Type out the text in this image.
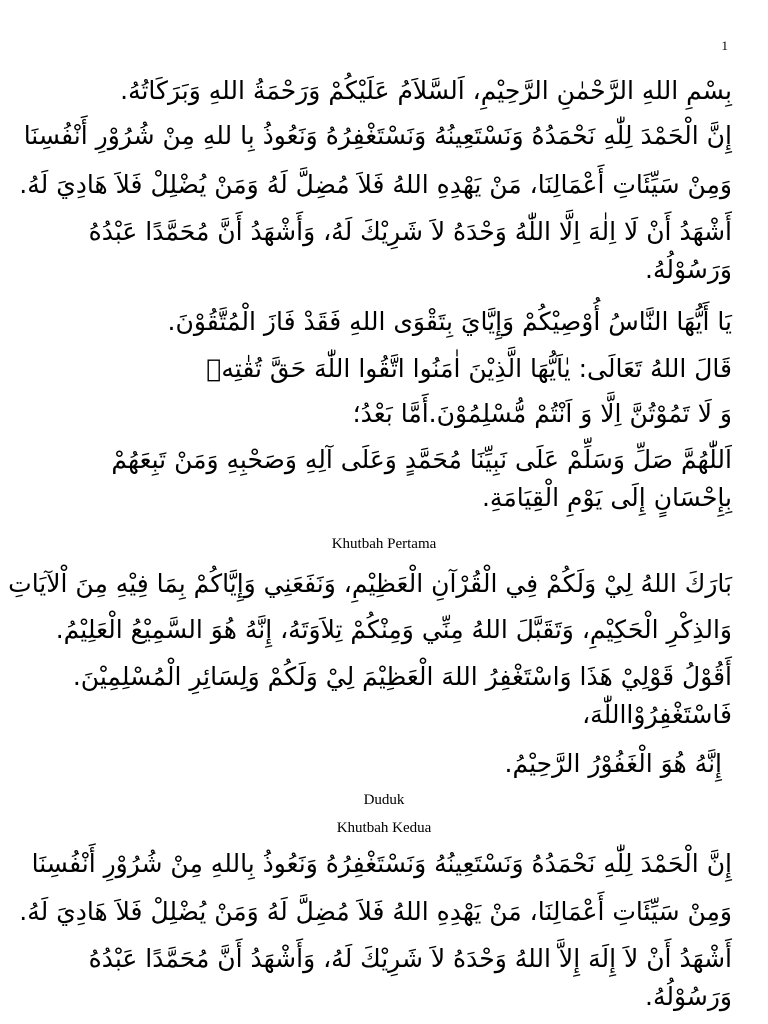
1
بِسْمِ اللهِ الرَّحْمٰنِ الرَّحِيْمِ، اَلسَّلاَمُ عَلَيْكُمْ وَرَحْمَةُ اللهِ وَبَرَكَاتُهُ.
إِنَّ الْحَمْدَ لِلّٰهِ نَحْمَدُهُ وَنَسْتَعِينُهُ وَنَسْتَغْفِرُهُ وَنَعُوذُ بِا للهِ مِنْ شُرُوْرِ أَنْفُسِنَا
وَمِنْ سَيِّئَاتِ أَعْمَالِنَا، مَنْ يَهْدِهِ اللهُ فَلاَ مُضِلَّ لَهُ وَمَنْ يُضْلِلْ فَلاَ هَادِيَ لَهُ.
أَشْهَدُ أَنْ لَا اِلٰهَ اِلَّا اللّٰهُ وَحْدَهُ لاَ شَرِيْكَ لَهُ، وَأَشْهَدُ أَنَّ مُحَمَّدًا عَبْدُهُ وَرَسُوْلُهُ.
يَا أَيُّهَا النَّاسُ أُوْصِيْكُمْ وَإِيَّايَ بِتَقْوَى اللهِ فَقَدْ فَازَ الْمُتَّقُوْنَ.
قَالَ اللهُ تَعَالَى: يٰاَيُّهَا الَّذِيْنَ اٰمَنُوا اتَّقُوا اللّٰهَ حَقَّ تُقٰتِهٖ
وَ لَا تَمُوْتُنَّ اِلَّا وَ اَنْتُمْ مُّسْلِمُوْنَ.أَمَّا بَعْدُ؛
اَللّٰهُمَّ صَلِّ وَسَلِّمْ عَلَى نَبِيِّنَا مُحَمَّدٍ وَعَلَى آلِهِ وَصَحْبِهِ وَمَنْ تَبِعَهُمْ بِإِحْسَانٍ إِلَى يَوْمِ الْقِيَامَةِ.
Khutbah Pertama
بَارَكَ اللهُ لِيْ وَلَكُمْ فِي الْقُرْآنِ الْعَظِيْمِ، وَنَفَعَنِي وَإِيَّاكُمْ بِمَا فِيْهِ مِنَ اْلآيَاتِ
وَالذِكْرِ الْحَكِيْمِ، وَتَقَبَّلَ اللهُ مِنِّي وَمِنْكُمْ تِلاَوَتَهُ، إِنَّهُ هُوَ السَّمِيْعُ الْعَلِيْمُ.
أَقُوْلُ قَوْلِيْ هَذَا وَاسْتَغْفِرُ اللهَ الْعَظِيْمَ لِيْ وَلَكُمْ وَلِسَائِرِ الْمُسْلِمِيْنَ. فَاسْتَغْفِرُوْااللّٰهَ،
إِنَّهُ هُوَ الْغَفُوْرُ الرَّحِيْمُ.
Duduk
Khutbah Kedua
إِنَّ الْحَمْدَ لِلّٰهِ نَحْمَدُهُ وَنَسْتَعِينُهُ وَنَسْتَغْفِرُهُ وَنَعُوذُ بِاللهِ مِنْ شُرُوْرِ أَنْفُسِنَا
وَمِنْ سَيِّئَاتِ أَعْمَالِنَا، مَنْ يَهْدِهِ اللهُ فَلاَ مُضِلَّ لَهُ وَمَنْ يُضْلِلْ فَلاَ هَادِيَ لَهُ.
أَشْهَدُ أَنْ لاَ إِلَهَ إِلاَّ اللهُ وَحْدَهُ لاَ شَرِيْكَ لَهُ، وَأَشْهَدُ أَنَّ مُحَمَّدًا عَبْدُهُ وَرَسُوْلُهُ.
